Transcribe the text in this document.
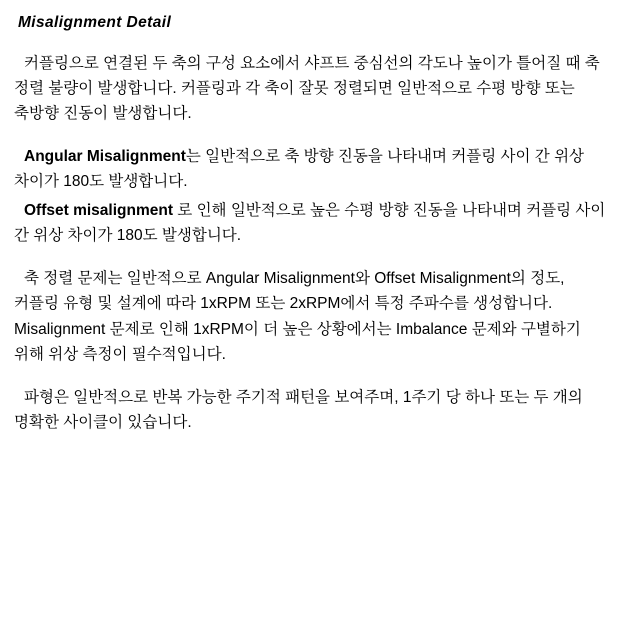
Misalignment Detail

커플링으로 연결된 두 축의 구성 요소에서 샤프트 중심선의 각도나 높이가 틀어질 때 축 정렬 불량이 발생합니다. 커플링과 각 축이 잘못 정렬되면 일반적으로 수평 방향 또는 축방향 진동이 발생합니다.

Angular Misalignment는 일반적으로 축 방향 진동을 나타내며 커플링 사이 간 위상 차이가 180도 발생합니다.

Offset misalignment 로 인해 일반적으로 높은 수평 방향 진동을 나타내며 커플링 사이 간 위상 차이가 180도 발생합니다.

축 정렬 문제는 일반적으로 Angular Misalignment와 Offset Misalignment의 정도, 커플링 유형 및 설계에 따라 1xRPM 또는 2xRPM에서 특정 주파수를 생성합니다. Misalignment 문제로 인해 1xRPM이 더 높은 상황에서는 Imbalance 문제와 구별하기 위해 위상 측정이 필수적입니다.

파형은 일반적으로 반복 가능한 주기적 패턴을 보여주며, 1주기 당 하나 또는 두 개의 명확한 사이클이 있습니다.
